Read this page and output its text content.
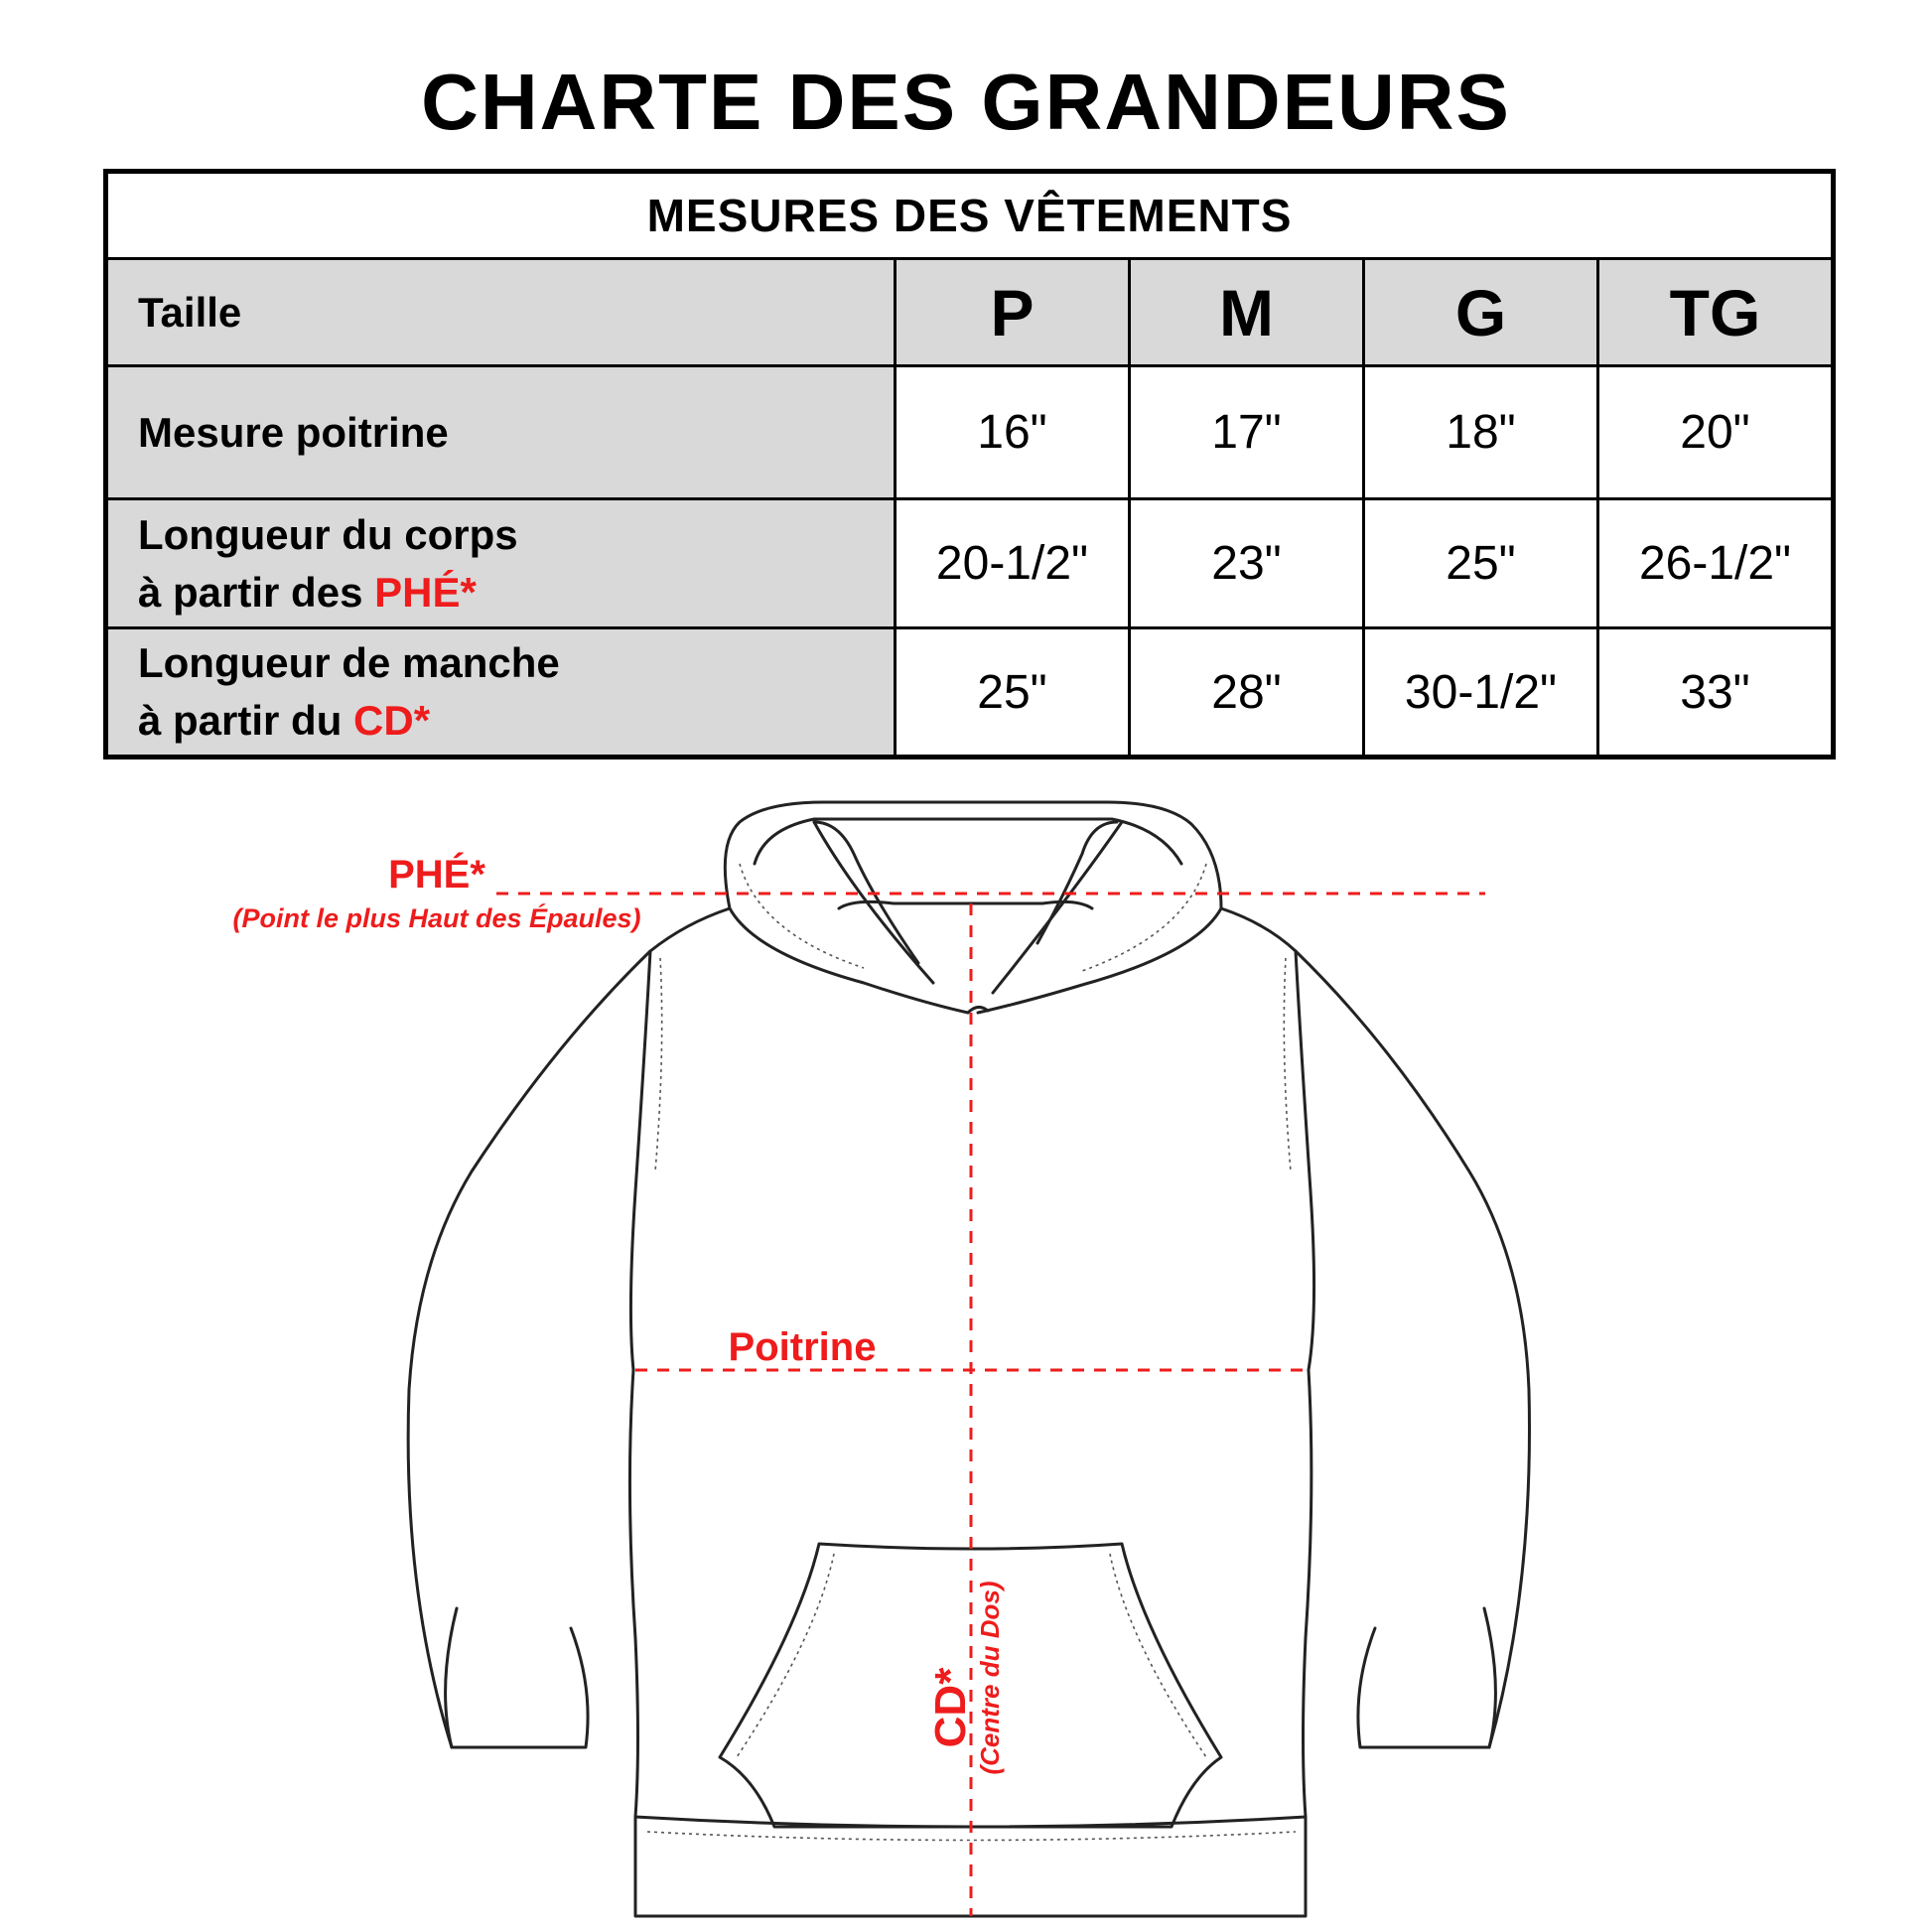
CHARTE DES GRANDEURS
MESURES DES VÊTEMENTS				
Taille	P	M	G	TG
Mesure poitrine	16"	17"	18"	20"
Longueur du corps
à partir des PHÉ*	20-1/2"	23"	25"	26-1/2"
Longueur de manche
à partir du CD*	25"	28"	30-1/2"	33"
PHÉ*
(Point le plus Haut des Épaules)
Poitrine
CD* (Centre du Dos)
